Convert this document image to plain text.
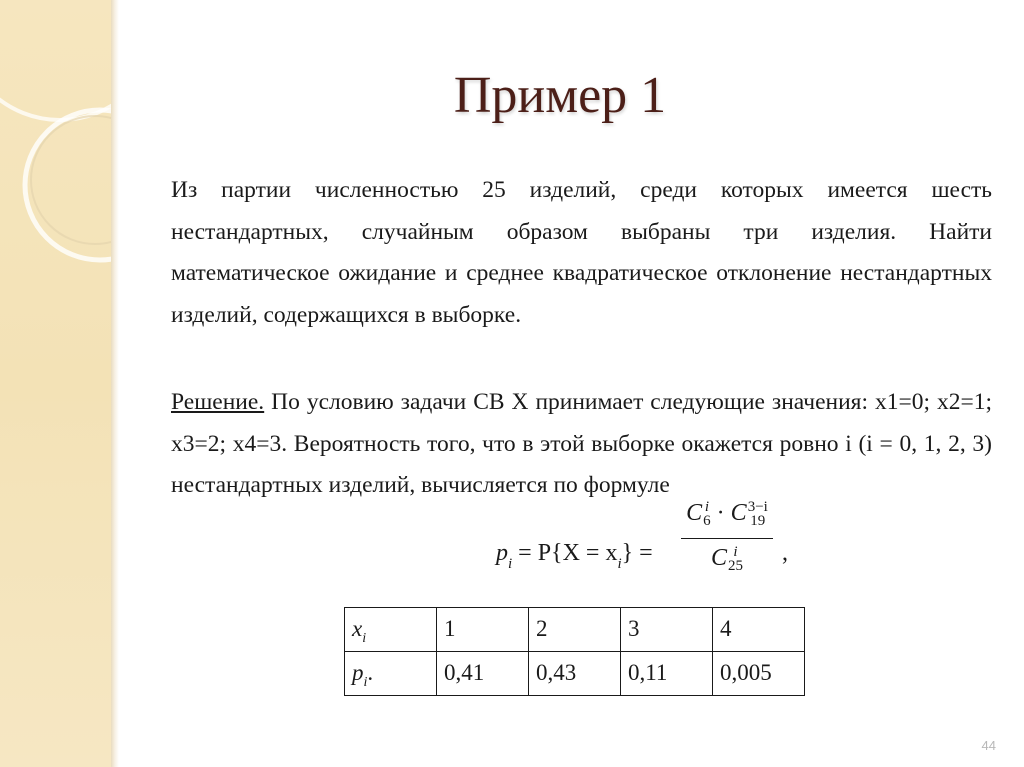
Пример 1
Из партии численностью 25 изделий, среди которых имеется шесть нестандартных, случайным образом выбраны три изделия. Найти математическое ожидание и среднее квадратическое отклонение нестандартных изделий, содержащихся в выборке.
Решение. По условию задачи СВ X принимает следующие значения: x1=0; x2=1; x3=2; x4=3. Вероятность того, что в этой выборке окажется ровно i (i = 0, 1, 2, 3) нестандартных изделий, вычисляется по формуле
$p_i = P\{X = x_i\}$ =
C i
6 · C3−i
19
C i
25
,
$x_i$	1	2	3	4

$p_i$.	0,41	0,43	0,11	0,005
44
